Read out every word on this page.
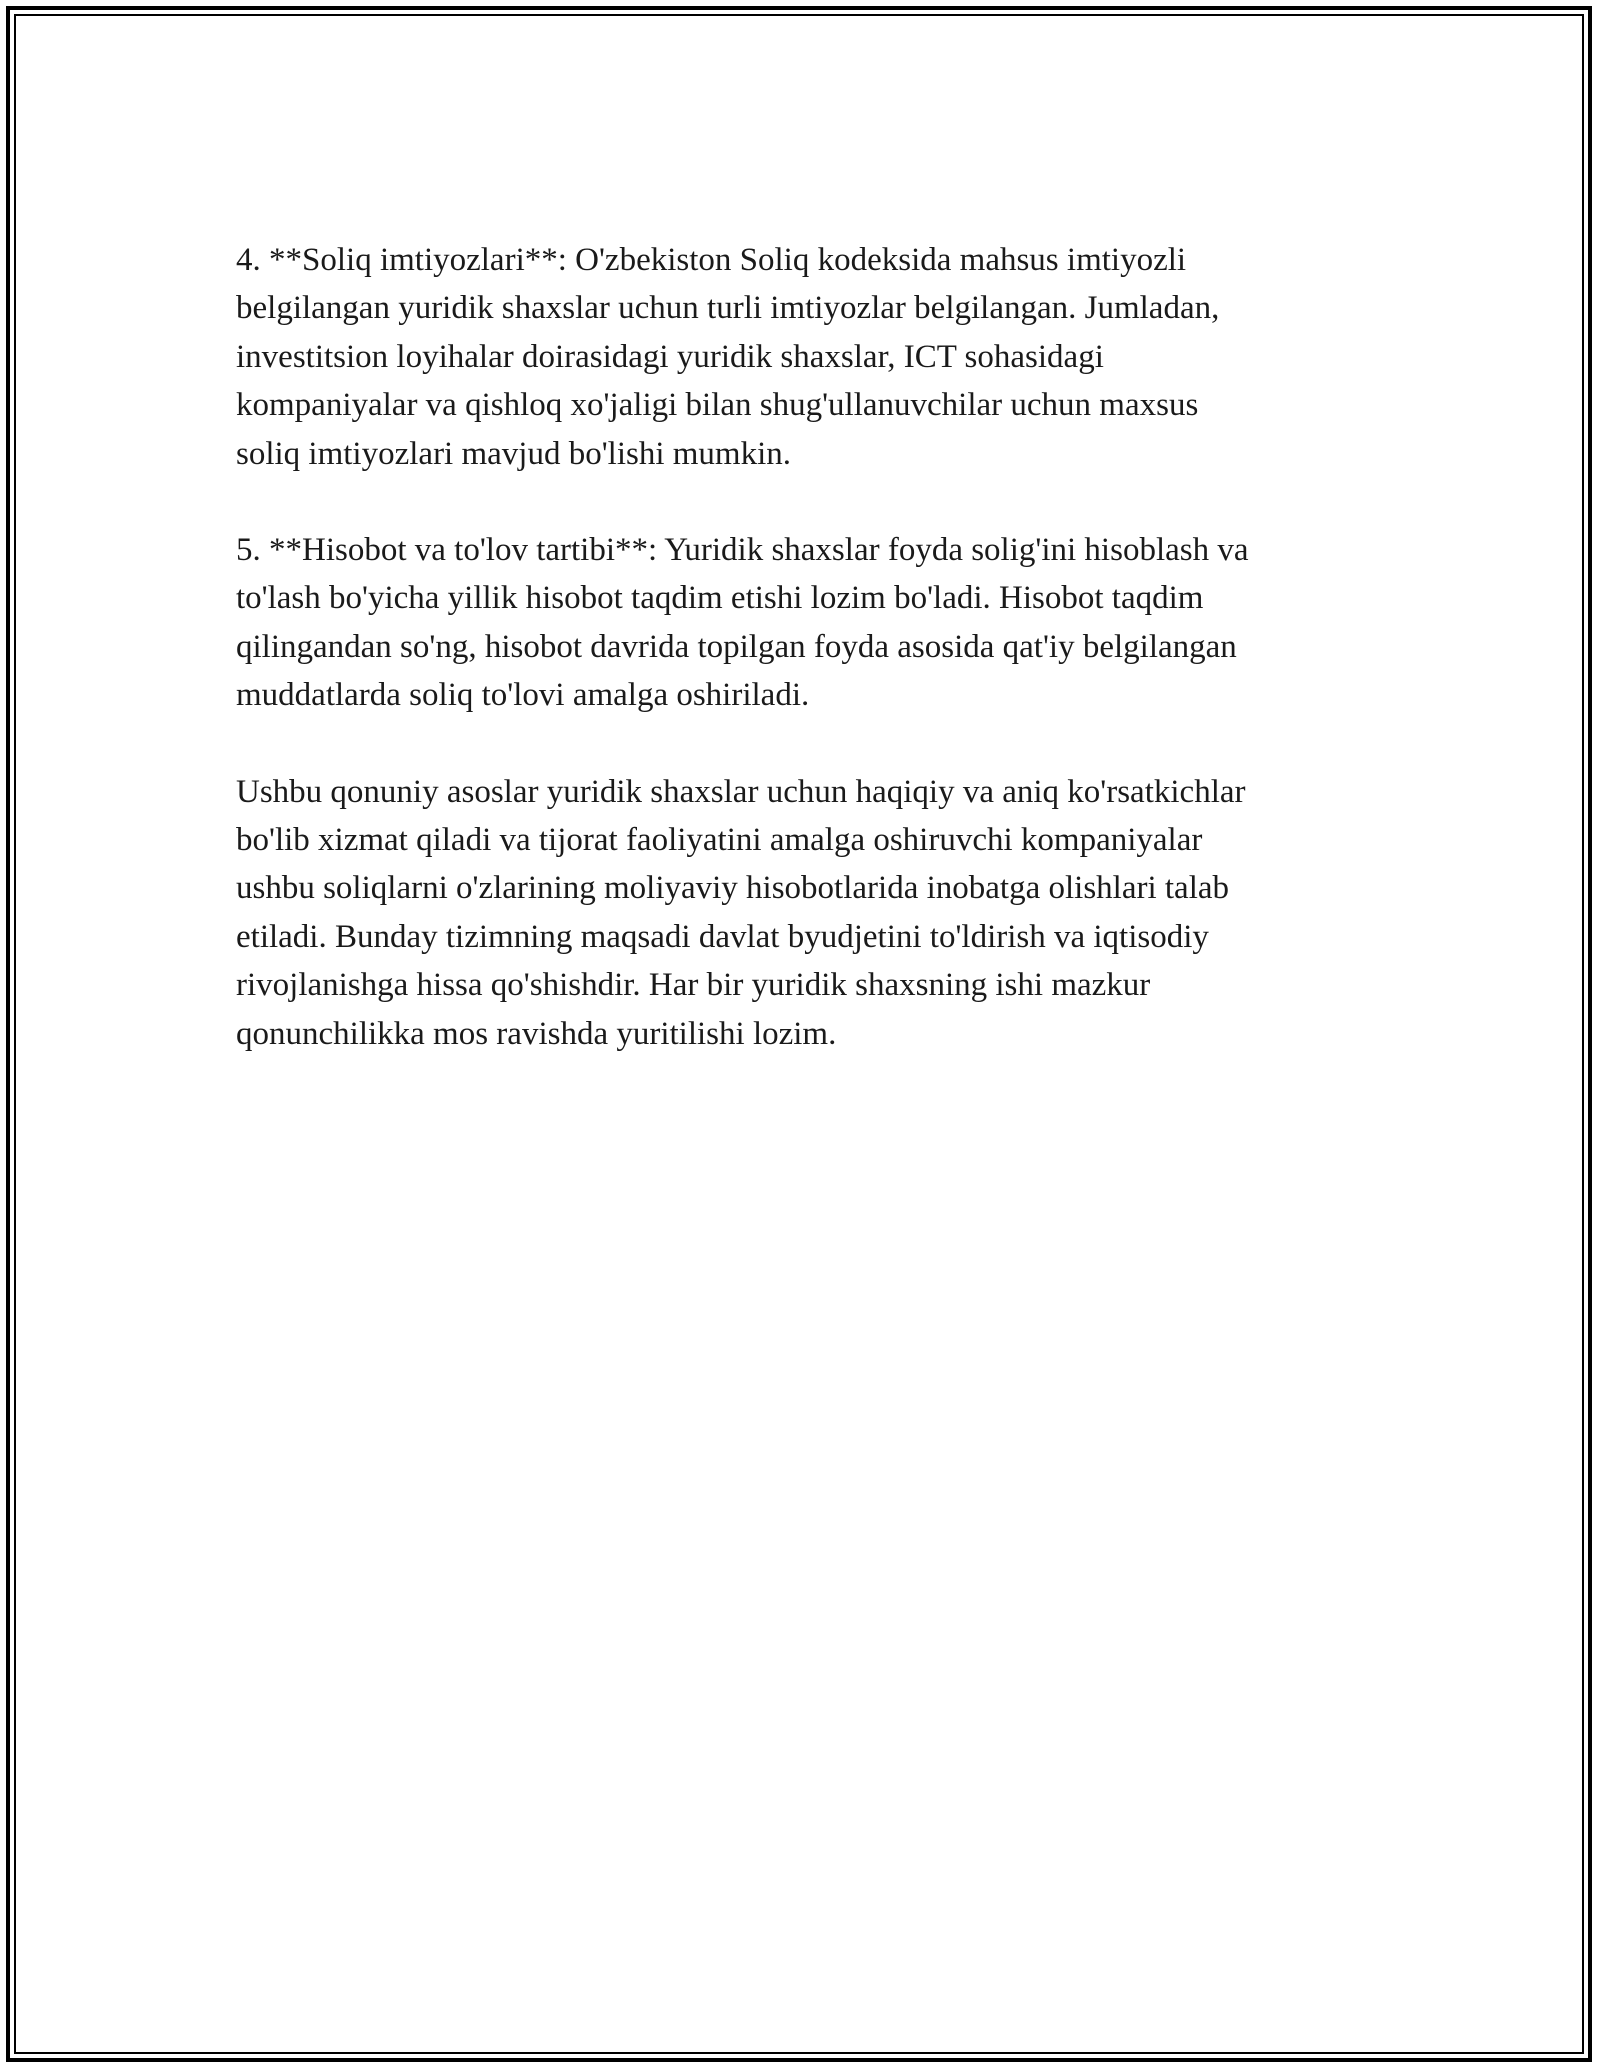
4. **Soliq imtiyozlari**: O'zbekiston Soliq kodeksida mahsus imtiyozli
belgilangan yuridik shaxslar uchun turli imtiyozlar belgilangan. Jumladan,
investitsion loyihalar doirasidagi yuridik shaxslar, ICT sohasidagi
kompaniyalar va qishloq xo'jaligi bilan shug'ullanuvchilar uchun maxsus
soliq imtiyozlari mavjud bo'lishi mumkin.

5. **Hisobot va to'lov tartibi**: Yuridik shaxslar foyda solig'ini hisoblash va
to'lash bo'yicha yillik hisobot taqdim etishi lozim bo'ladi. Hisobot taqdim
qilingandan so'ng, hisobot davrida topilgan foyda asosida qat'iy belgilangan
muddatlarda soliq to'lovi amalga oshiriladi.

Ushbu qonuniy asoslar yuridik shaxslar uchun haqiqiy va aniq ko'rsatkichlar
bo'lib xizmat qiladi va tijorat faoliyatini amalga oshiruvchi kompaniyalar
ushbu soliqlarni o'zlarining moliyaviy hisobotlarida inobatga olishlari talab
etiladi. Bunday tizimning maqsadi davlat byudjetini to'ldirish va iqtisodiy
rivojlanishga hissa qo'shishdir. Har bir yuridik shaxsning ishi mazkur
qonunchilikka mos ravishda yuritilishi lozim.
